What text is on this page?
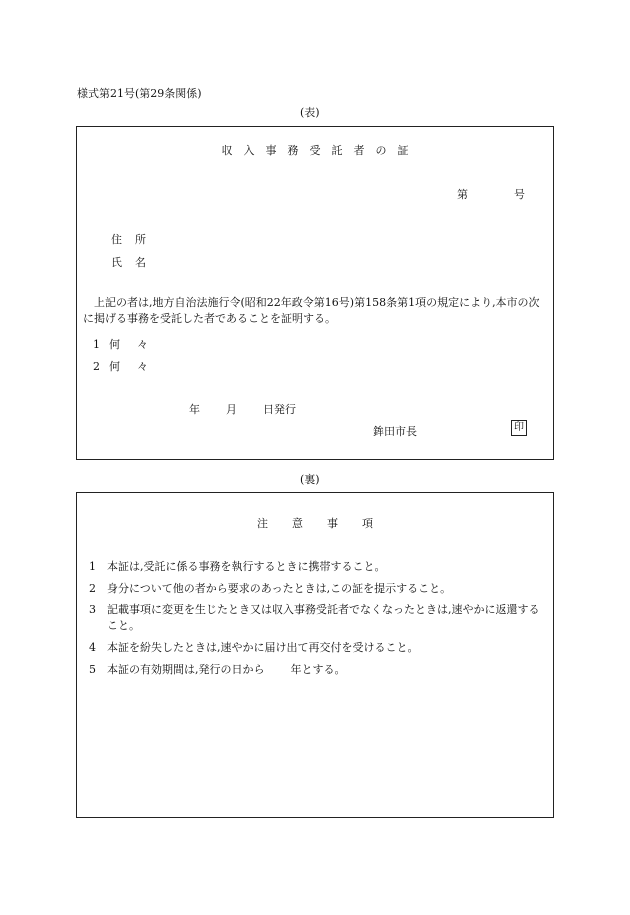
様式第21号(第29条関係)
(表)
収入事務受託者の証
第	号
住 所
氏 名
上記の者は,地方自治法施行令(昭和22年政令第16号)第158条第1項の規定により,本市の次に掲げる事務を受託した者であることを証明する。
1 何 々
2 何 々
年 月 日発行
鉾田市長	印
(裏)
注意事項
1 本証は,受託に係る事務を執行するときに携帯すること。
2 身分について他の者から要求のあったときは,この証を提示すること。
3 記載事項に変更を生じたとき又は収入事務受託者でなくなったときは,速やかに返還すること。
4 本証を紛失したときは,速やかに届け出て再交付を受けること。
5 本証の有効期間は,発行の日から 年とする。
